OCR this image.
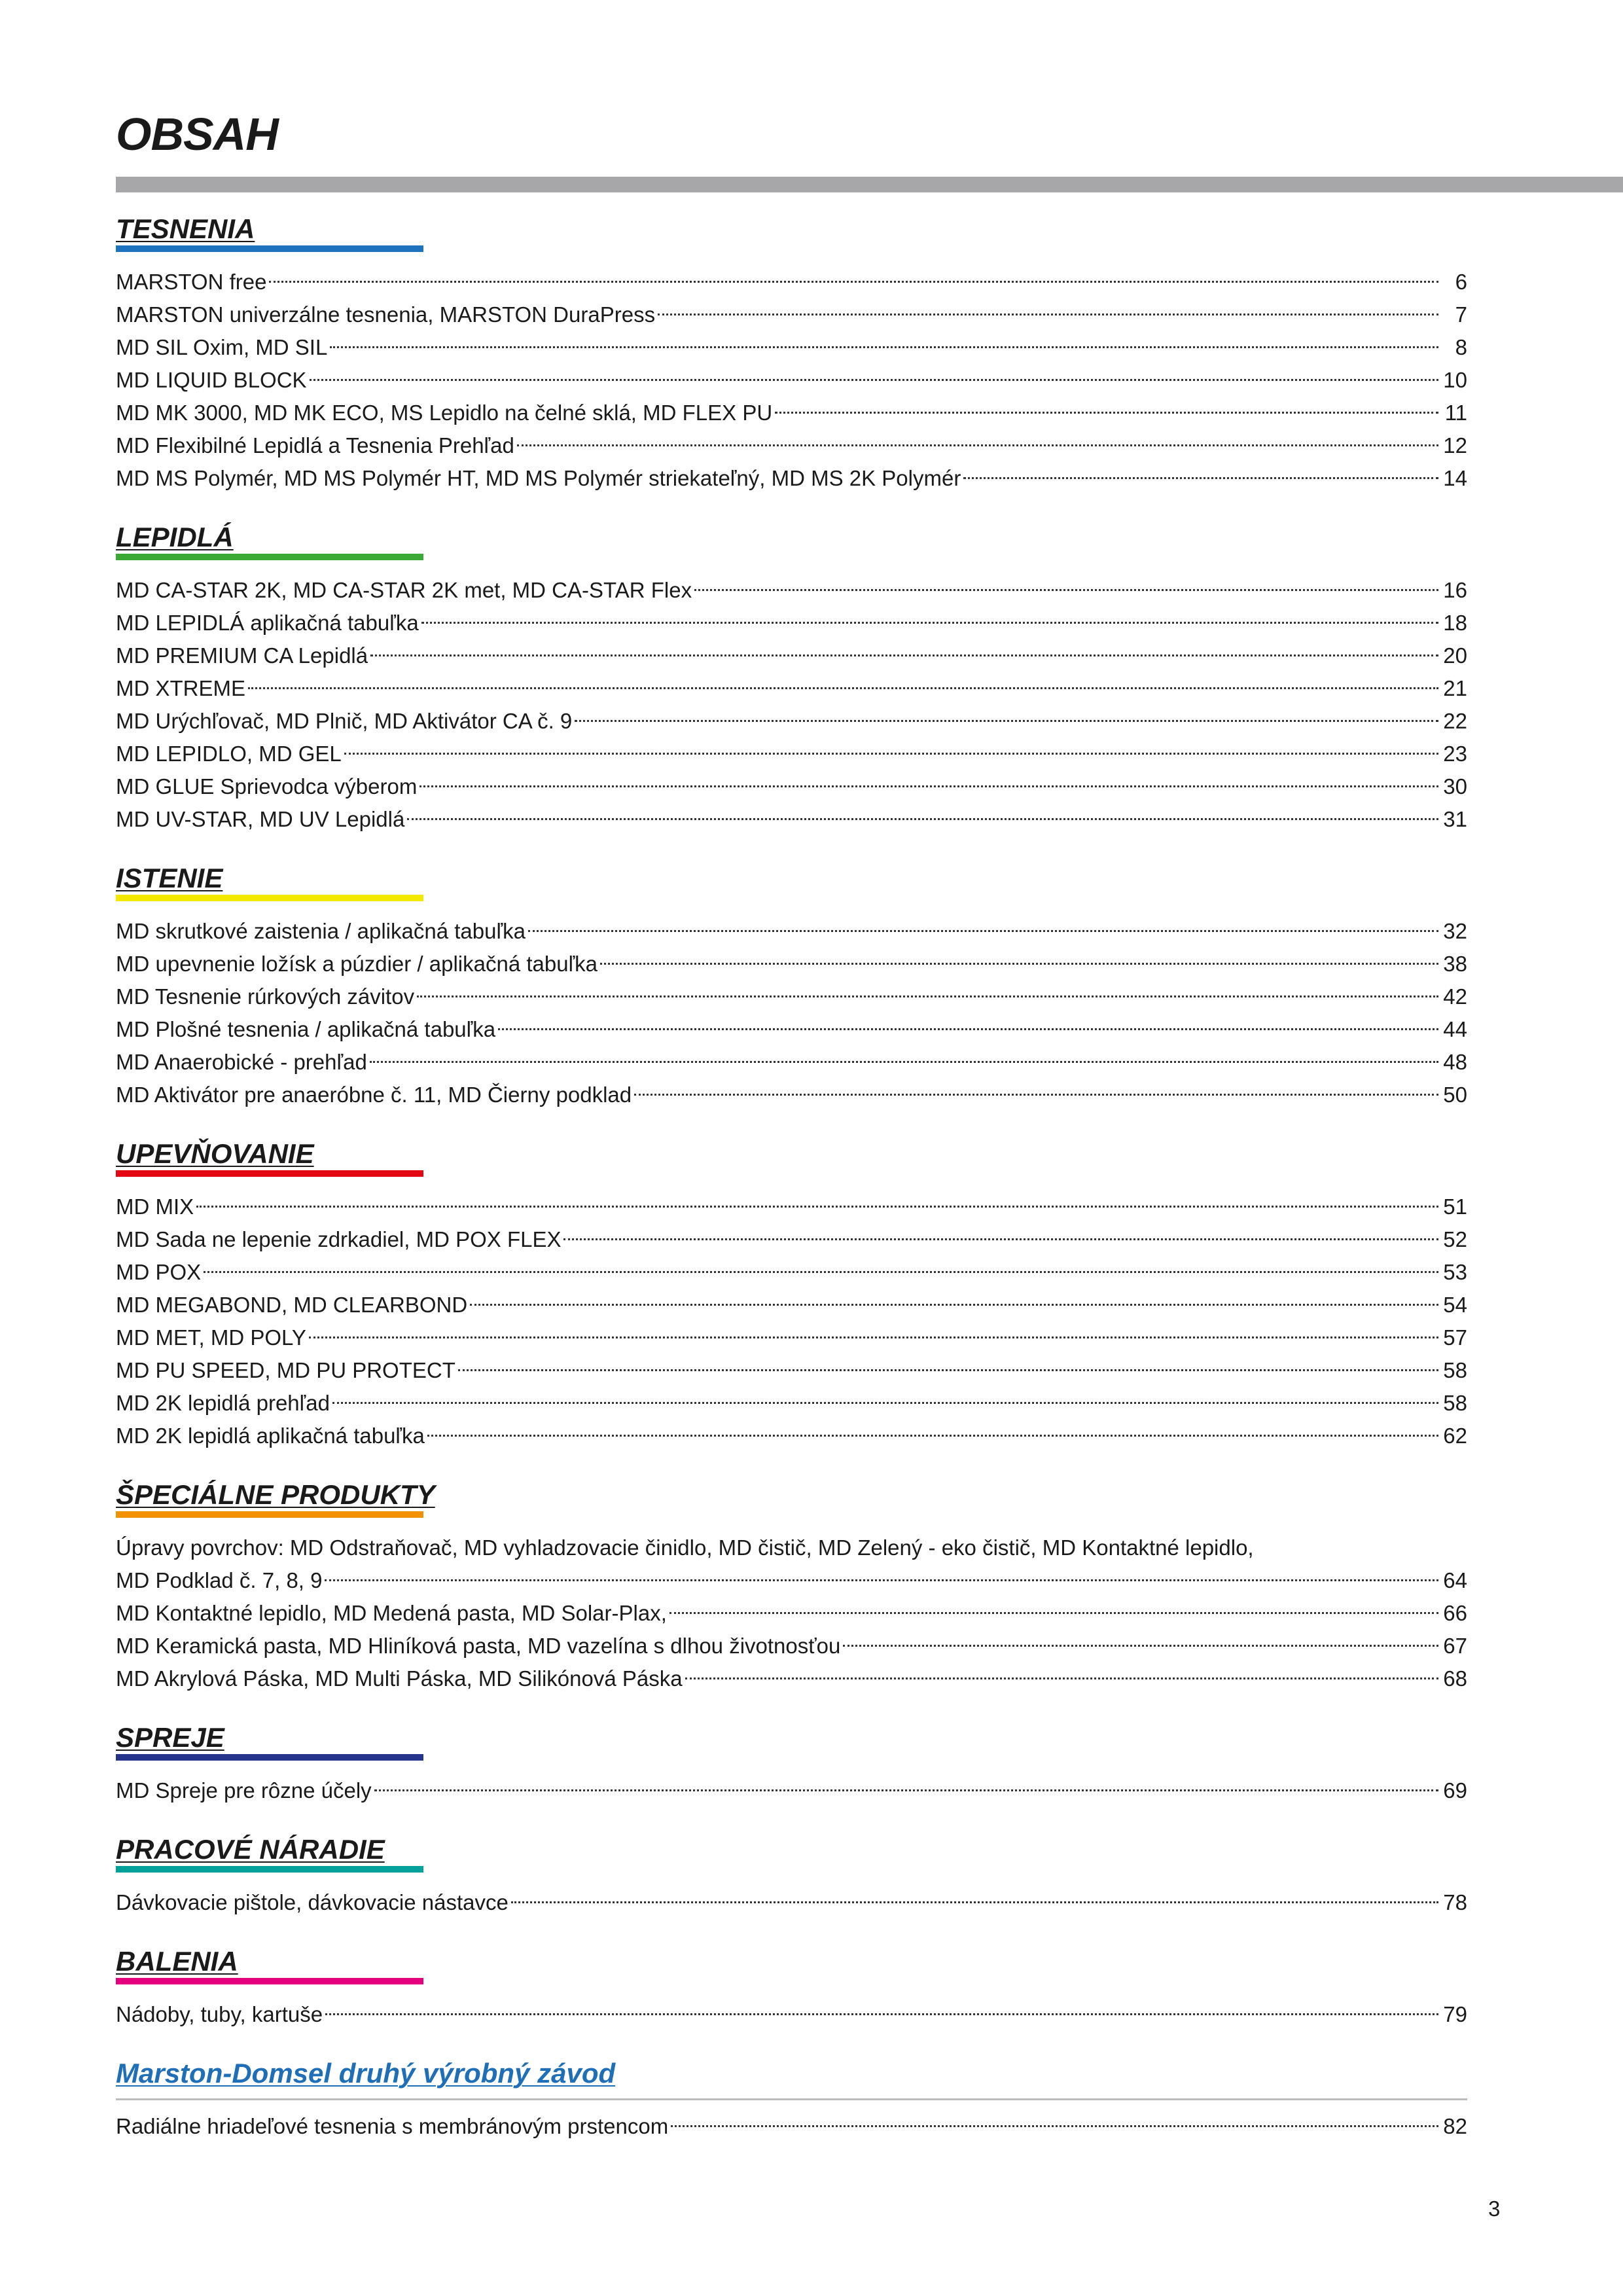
OBSAH
TESNENIA
MARSTON free	6
MARSTON univerzálne tesnenia, MARSTON DuraPress	7
MD SIL Oxim, MD SIL	8
MD LIQUID BLOCK	10
MD MK 3000, MD MK ECO, MS Lepidlo na čelné sklá, MD FLEX PU	11
MD Flexibilné Lepidlá a Tesnenia Prehľad	12
MD MS Polymér, MD MS Polymér HT, MD MS Polymér striekateľný, MD MS 2K Polymér	14
LEPIDLÁ
MD CA-STAR 2K, MD CA-STAR 2K met, MD CA-STAR Flex	16
MD LEPIDLÁ aplikačná tabuľka	18
MD PREMIUM CA Lepidlá	20
MD XTREME	21
MD Urýchľovač, MD Plnič, MD Aktivátor CA č. 9	22
MD LEPIDLO, MD GEL	23
MD GLUE Sprievodca výberom	30
MD UV-STAR, MD UV Lepidlá	31
ISTENIE
MD skrutkové zaistenia / aplikačná tabuľka	32
MD upevnenie ložísk a púzdier / aplikačná tabuľka	38
MD Tesnenie rúrkových závitov	42
MD Plošné tesnenia / aplikačná tabuľka	44
MD Anaerobické - prehľad	48
MD Aktivátor pre anaeróbne č. 11, MD Čierny podklad	50
UPEVŇOVANIE
MD MIX	51
MD Sada ne lepenie zdrkadiel, MD POX FLEX	52
MD POX	53
MD MEGABOND, MD CLEARBOND	54
MD MET, MD POLY	57
MD PU SPEED, MD PU PROTECT	58
MD 2K lepidlá prehľad	58
MD 2K lepidlá aplikačná tabuľka	62
ŠPECIÁLNE PRODUKTY
Úpravy povrchov: MD Odstraňovač, MD vyhladzovacie činidlo, MD čistič, MD Zelený - eko čistič, MD Kontaktné lepidlo,
MD Podklad č. 7, 8, 9	64
MD Kontaktné lepidlo, MD Medená pasta, MD Solar-Plax,	66
MD Keramická pasta, MD Hliníková pasta, MD vazelína s dlhou životnosťou	67
MD Akrylová Páska, MD Multi Páska, MD Silikónová Páska	68
SPREJE
MD Spreje pre rôzne účely	69
PRACOVÉ NÁRADIE
Dávkovacie pištole, dávkovacie nástavce	78
BALENIA
Nádoby, tuby, kartuše	79
Marston-Domsel druhý výrobný závod
Radiálne hriadeľové tesnenia s membránovým prstencom	82
3
